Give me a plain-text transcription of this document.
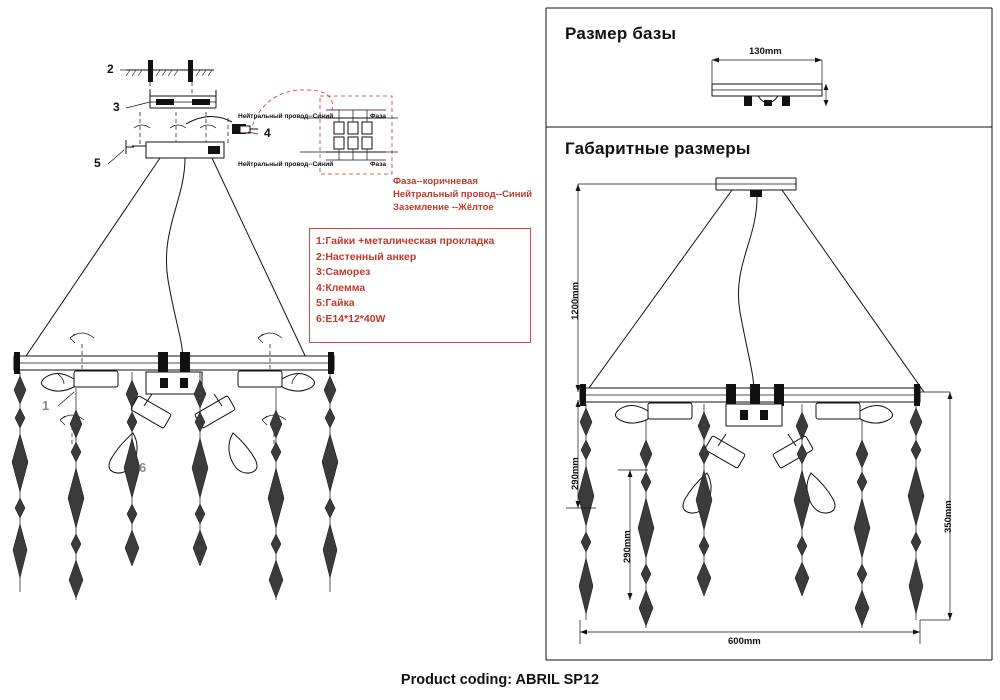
Размер базы
Габаритные размеры
Нейтральный провод--Синий	Фаза
Нейтральный провод--Синий	Фаза
Фаза--коричневая
Нейтральный провод--Синий
Заземление --Жёлтое
1:Гайки +металическая прокладка
2:Настенный анкер
3:Саморез
4:Клемма
5:Гайка
6:E14*12*40W
2
3
4
5
1
6
130mm
1200mm
290mm
290mm
350mm
600mm
Product coding: ABRIL SP12
